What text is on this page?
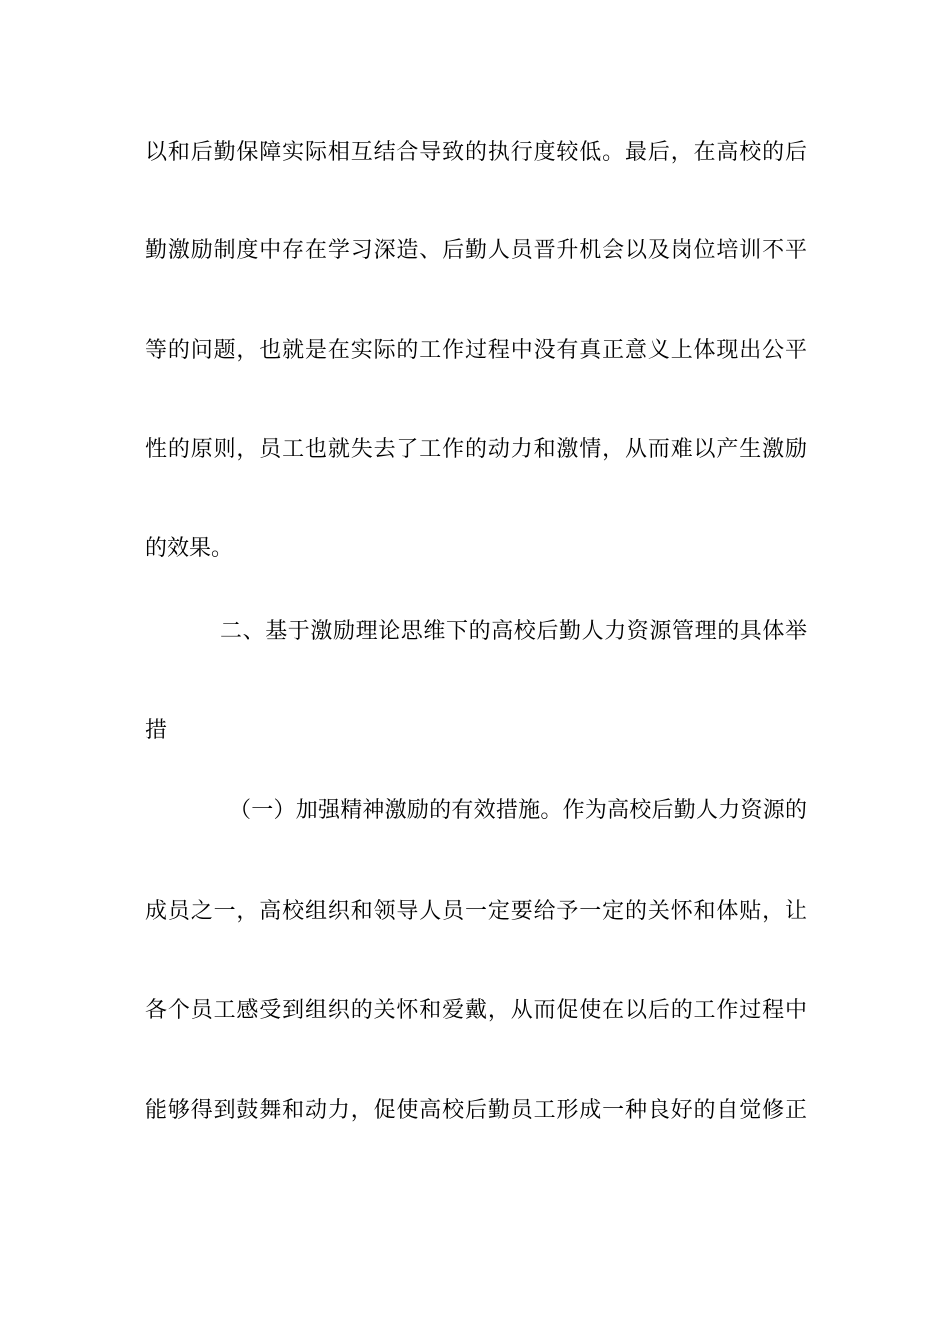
以和后勤保障实际相互结合导致的执行度较低。最后，在高校的后
勤激励制度中存在学习深造、后勤人员晋升机会以及岗位培训不平
等的问题，也就是在实际的工作过程中没有真正意义上体现出公平
性的原则，员工也就失去了工作的动力和激情，从而难以产生激励
的效果。
二、基于激励理论思维下的高校后勤人力资源管理的具体举
措
（一）加强精神激励的有效措施。作为高校后勤人力资源的
成员之一，高校组织和领导人员一定要给予一定的关怀和体贴，让
各个员工感受到组织的关怀和爱戴，从而促使在以后的工作过程中
能够得到鼓舞和动力，促使高校后勤员工形成一种良好的自觉修正
